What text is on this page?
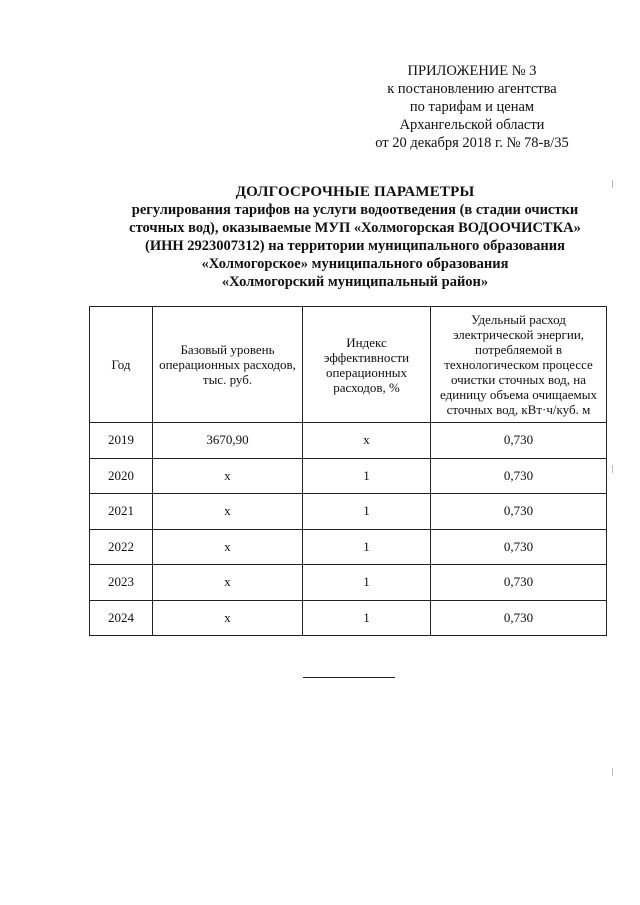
ПРИЛОЖЕНИЕ № 3
к постановлению агентства
по тарифам и ценам
Архангельской области
от 20 декабря 2018 г. № 78-в/35
ДОЛГОСРОЧНЫЕ ПАРАМЕТРЫ
регулирования тарифов на услуги водоотведения (в стадии очистки
сточных вод), оказываемые МУП «Холмогорская ВОДООЧИСТКА»
(ИНН 2923007312) на территории муниципального образования
«Холмогорское» муниципального образования
«Холмогорский муниципальный район»
Год	Базовый уровень операционных расходов, тыс. руб.	Индекс эффективности операционных расходов, %	Удельный расход электрической энергии, потребляемой в технологическом процессе очистки сточных вод, на единицу объема очищаемых сточных вод, кВт·ч/куб. м
2019	3670,90	х	0,730
2020	х	1	0,730
2021	х	1	0,730
2022	х	1	0,730
2023	х	1	0,730
2024	х	1	0,730
